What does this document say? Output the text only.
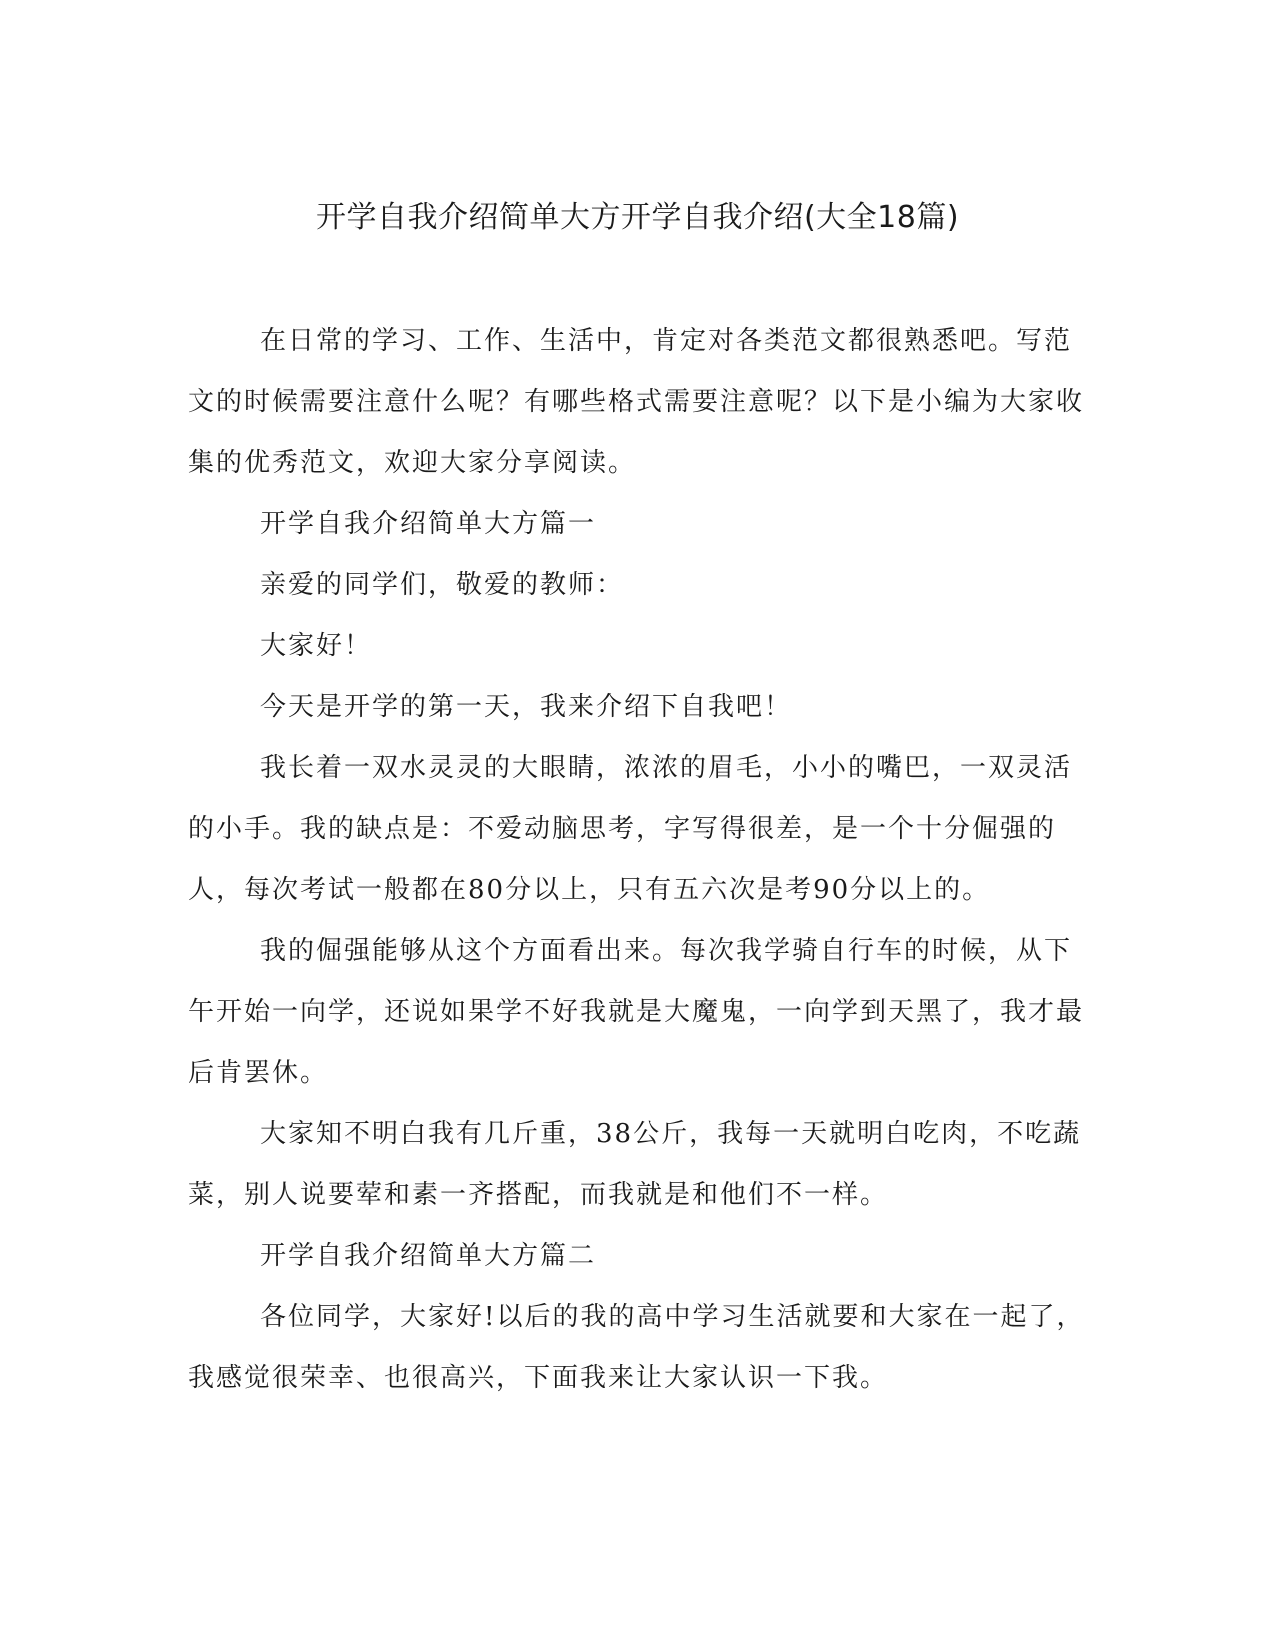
开学自我介绍简单大方开学自我介绍(大全18篇)

在日常的学习、工作、生活中，肯定对各类范文都很熟悉吧。写范文的时候需要注意什么呢？有哪些格式需要注意呢？以下是小编为大家收集的优秀范文，欢迎大家分享阅读。

开学自我介绍简单大方篇一

亲爱的同学们，敬爱的教师：

大家好！

今天是开学的第一天，我来介绍下自我吧！

我长着一双水灵灵的大眼睛，浓浓的眉毛，小小的嘴巴，一双灵活的小手。我的缺点是：不爱动脑思考，字写得很差，是一个十分倔强的人，每次考试一般都在80分以上，只有五六次是考90分以上的。

我的倔强能够从这个方面看出来。每次我学骑自行车的时候，从下午开始一向学，还说如果学不好我就是大魔鬼，一向学到天黑了，我才最后肯罢休。

大家知不明白我有几斤重，38公斤，我每一天就明白吃肉，不吃蔬菜，别人说要荤和素一齐搭配，而我就是和他们不一样。

开学自我介绍简单大方篇二

各位同学，大家好!以后的我的高中学习生活就要和大家在一起了，我感觉很荣幸、也很高兴，下面我来让大家认识一下我。
